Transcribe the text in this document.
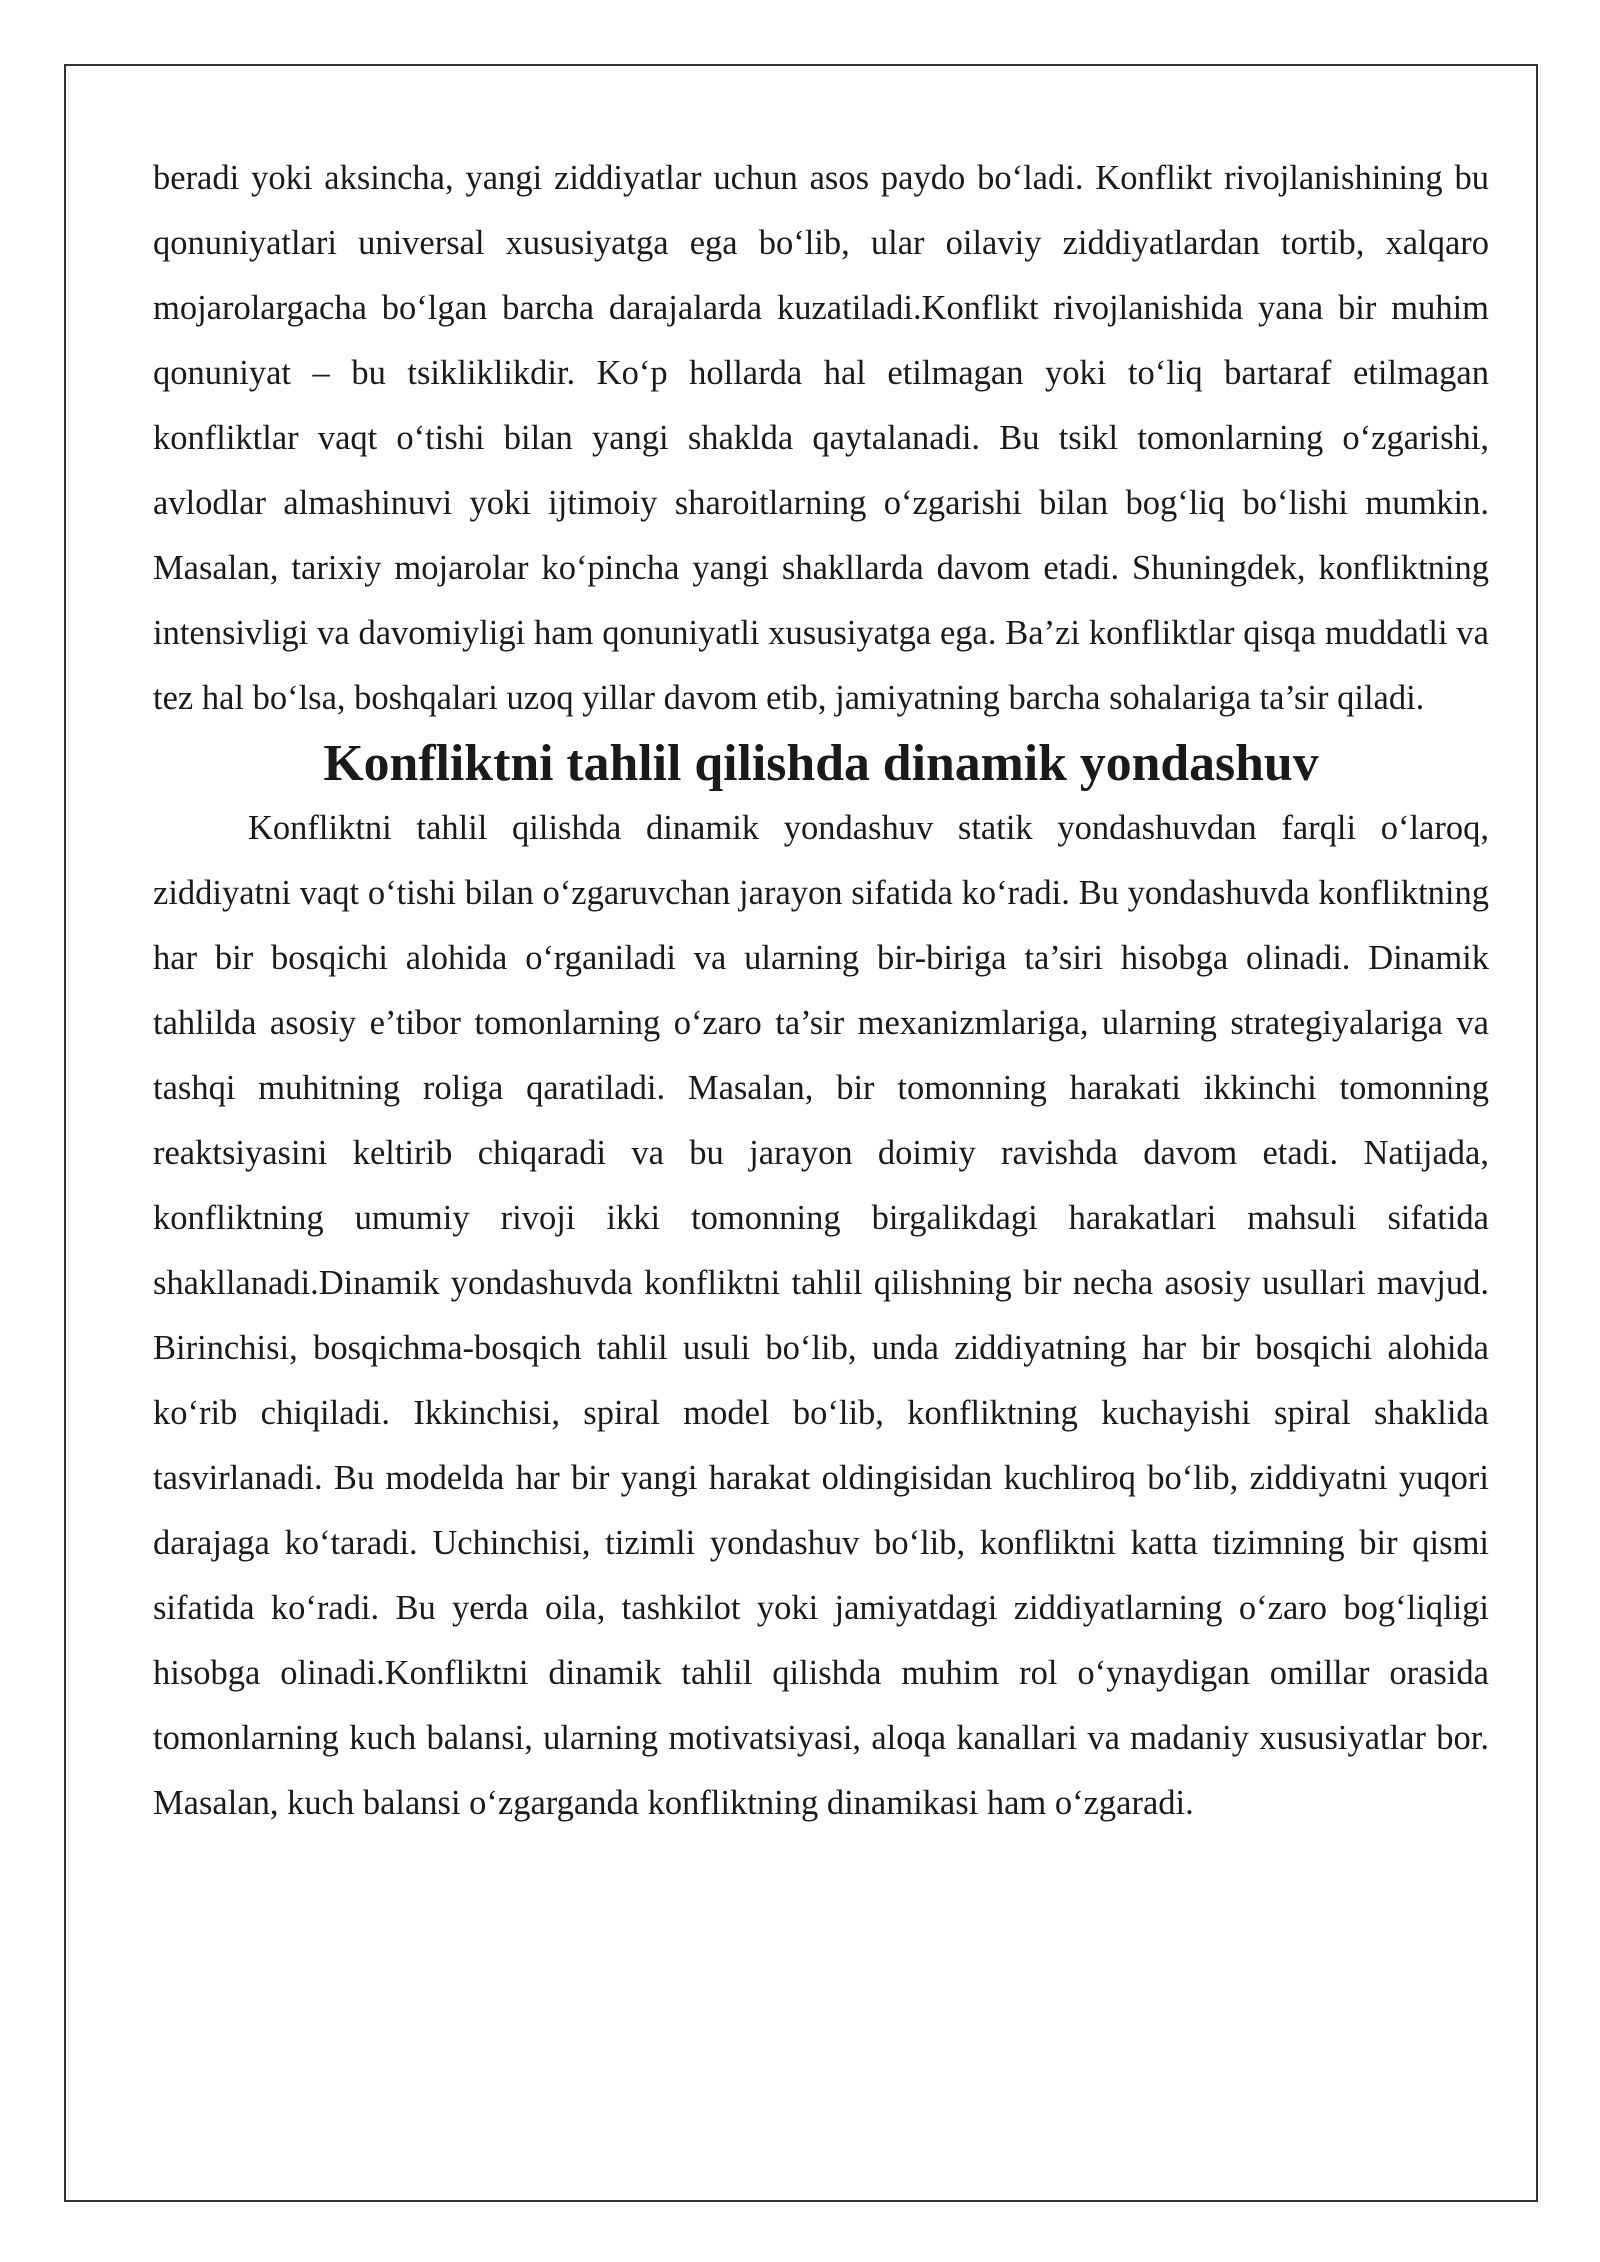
beradi yoki aksincha, yangi ziddiyatlar uchun asos paydo bo‘ladi. Konflikt rivojlanishining bu qonuniyatlari universal xususiyatga ega bo‘lib, ular oilaviy ziddiyatlardan tortib, xalqaro mojarolargacha bo‘lgan barcha darajalarda kuzatiladi.Konflikt rivojlanishida yana bir muhim qonuniyat – bu tsikliklikdir. Ko‘p hollarda hal etilmagan yoki to‘liq bartaraf etilmagan konfliktlar vaqt o‘tishi bilan yangi shaklda qaytalanadi. Bu tsikl tomonlarning o‘zgarishi, avlodlar almashinuvi yoki ijtimoiy sharoitlarning o‘zgarishi bilan bog‘liq bo‘lishi mumkin. Masalan, tarixiy mojarolar ko‘pincha yangi shakllarda davom etadi. Shuningdek, konfliktning intensivligi va davomiyligi ham qonuniyatli xususiyatga ega. Ba’zi konfliktlar qisqa muddatli va tez hal bo‘lsa, boshqalari uzoq yillar davom etib, jamiyatning barcha sohalariga ta’sir qiladi.

Konfliktni tahlil qilishda dinamik yondashuv

Konfliktni tahlil qilishda dinamik yondashuv statik yondashuvdan farqli o‘laroq, ziddiyatni vaqt o‘tishi bilan o‘zgaruvchan jarayon sifatida ko‘radi. Bu yondashuvda konfliktning har bir bosqichi alohida o‘rganiladi va ularning bir-biriga ta’siri hisobga olinadi. Dinamik tahlilda asosiy e’tibor tomonlarning o‘zaro ta’sir mexanizmlariga, ularning strategiyalariga va tashqi muhitning roliga qaratiladi. Masalan, bir tomonning harakati ikkinchi tomonning reaktsiyasini keltirib chiqaradi va bu jarayon doimiy ravishda davom etadi. Natijada, konfliktning umumiy rivoji ikki tomonning birgalikdagi harakatlari mahsuli sifatida shakllanadi.Dinamik yondashuvda konfliktni tahlil qilishning bir necha asosiy usullari mavjud. Birinchisi, bosqichma-bosqich tahlil usuli bo‘lib, unda ziddiyatning har bir bosqichi alohida ko‘rib chiqiladi. Ikkinchisi, spiral model bo‘lib, konfliktning kuchayishi spiral shaklida tasvirlanadi. Bu modelda har bir yangi harakat oldingisidan kuchliroq bo‘lib, ziddiyatni yuqori darajaga ko‘taradi. Uchinchisi, tizimli yondashuv bo‘lib, konfliktni katta tizimning bir qismi sifatida ko‘radi. Bu yerda oila, tashkilot yoki jamiyatdagi ziddiyatlarning o‘zaro bog‘liqligi hisobga olinadi.Konfliktni dinamik tahlil qilishda muhim rol o‘ynaydigan omillar orasida tomonlarning kuch balansi, ularning motivatsiyasi, aloqa kanallari va madaniy xususiyatlar bor. Masalan, kuch balansi o‘zgarganda konfliktning dinamikasi ham o‘zgaradi.
